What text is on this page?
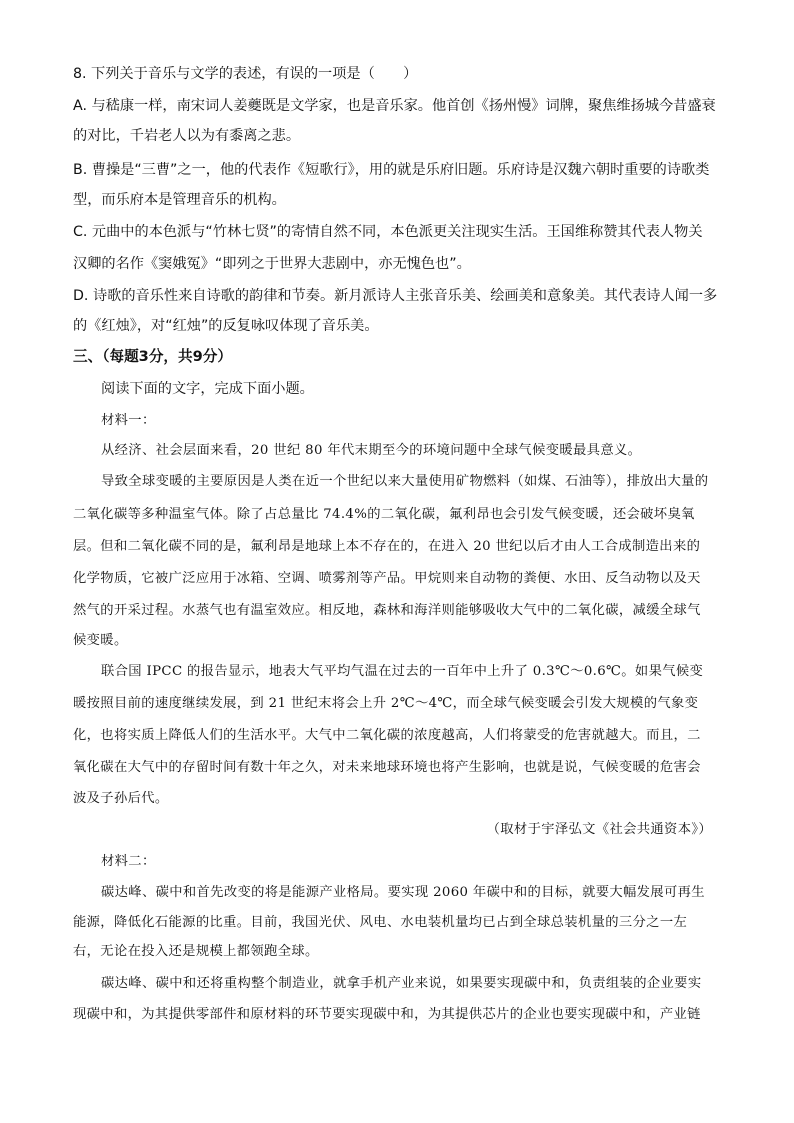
8. 下列关于音乐与文学的表述，有误的一项是（　　）
A. 与嵇康一样，南宋词人姜夔既是文学家，也是音乐家。他首创《扬州慢》词牌，聚焦维扬城今昔盛衰
的对比，千岩老人以为有黍离之悲。
B. 曹操是“三曹”之一，他的代表作《短歌行》，用的就是乐府旧题。乐府诗是汉魏六朝时重要的诗歌类
型，而乐府本是管理音乐的机构。
C. 元曲中的本色派与“竹林七贤”的寄情自然不同，本色派更关注现实生活。王国维称赞其代表人物关
汉卿的名作《窦娥冤》“即列之于世界大悲剧中，亦无愧色也”。
D. 诗歌的音乐性来自诗歌的韵律和节奏。新月派诗人主张音乐美、绘画美和意象美。其代表诗人闻一多
的《红烛》，对“红烛”的反复咏叹体现了音乐美。
三、（每题3分，共9分）
阅读下面的文字，完成下面小题。
材料一：
从经济、社会层面来看，20 世纪 80 年代末期至今的环境问题中全球气候变暖最具意义。
导致全球变暖的主要原因是人类在近一个世纪以来大量使用矿物燃料（如煤、石油等），排放出大量的
二氧化碳等多种温室气体。除了占总量比 74.4%的二氧化碳，氟利昂也会引发气候变暖，还会破坏臭氧
层。但和二氧化碳不同的是，氟利昂是地球上本不存在的，在进入 20 世纪以后才由人工合成制造出来的
化学物质，它被广泛应用于冰箱、空调、喷雾剂等产品。甲烷则来自动物的粪便、水田、反刍动物以及天
然气的开采过程。水蒸气也有温室效应。相反地，森林和海洋则能够吸收大气中的二氧化碳，减缓全球气
候变暖。
联合国 IPCC 的报告显示，地表大气平均气温在过去的一百年中上升了 0.3℃～0.6℃。如果气候变
暖按照目前的速度继续发展，到 21 世纪末将会上升 2℃～4℃，而全球气候变暖会引发大规模的气象变
化，也将实质上降低人们的生活水平。大气中二氧化碳的浓度越高，人们将蒙受的危害就越大。而且，二
氧化碳在大气中的存留时间有数十年之久，对未来地球环境也将产生影响，也就是说，气候变暖的危害会
波及子孙后代。
（取材于宇泽弘文《社会共通资本》）
材料二：
碳达峰、碳中和首先改变的将是能源产业格局。要实现 2060 年碳中和的目标，就要大幅发展可再生
能源，降低化石能源的比重。目前，我国光伏、风电、水电装机量均已占到全球总装机量的三分之一左
右，无论在投入还是规模上都领跑全球。
碳达峰、碳中和还将重构整个制造业，就拿手机产业来说，如果要实现碳中和，负责组装的企业要实
现碳中和，为其提供零部件和原材料的环节要实现碳中和，为其提供芯片的企业也要实现碳中和，产业链
